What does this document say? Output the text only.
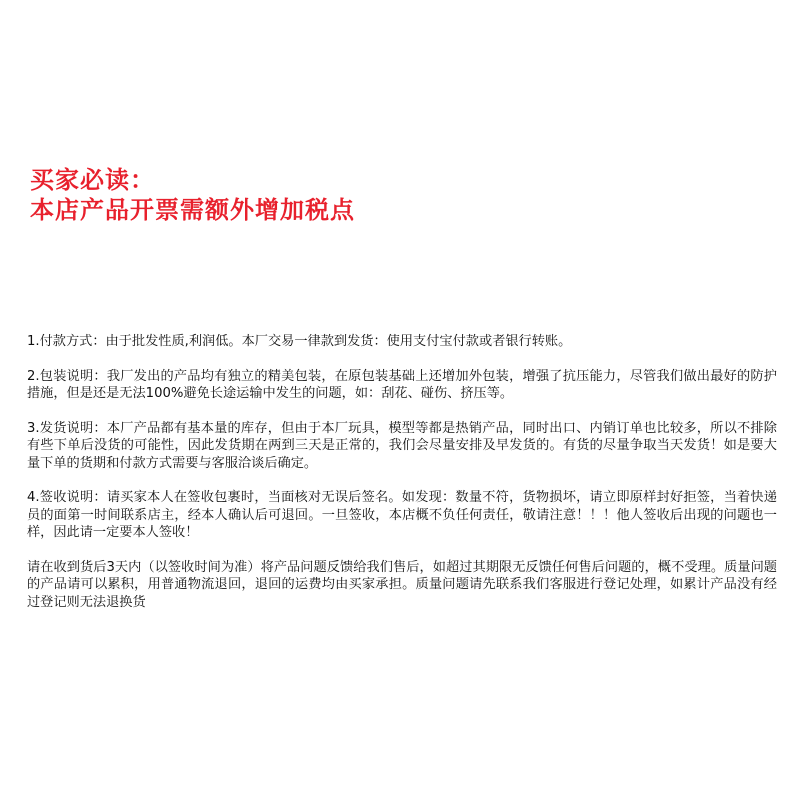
买家必读：
本店产品开票需额外增加税点

1.付款方式：由于批发性质,利润低。本厂交易一律款到发货：使用支付宝付款或者银行转账。

2.包装说明：我厂发出的产品均有独立的精美包装，在原包装基础上还增加外包装，增强了抗压能力，尽管我们做出最好的防护措施，但是还是无法100%避免长途运输中发生的问题，如：刮花、碰伤、挤压等。

3.发货说明：本厂产品都有基本量的库存，但由于本厂玩具，模型等都是热销产品，同时出口、内销订单也比较多，所以不排除有些下单后没货的可能性，因此发货期在两到三天是正常的，我们会尽量安排及早发货的。有货的尽量争取当天发货！如是要大量下单的货期和付款方式需要与客服洽谈后确定。

4.签收说明：请买家本人在签收包裹时，当面核对无误后签名。如发现：数量不符，货物损坏，请立即原样封好拒签，当着快递员的面第一时间联系店主，经本人确认后可退回。一旦签收，本店概不负任何责任，敬请注意！！！他人签收后出现的问题也一样，因此请一定要本人签收！

请在收到货后3天内（以签收时间为准）将产品问题反馈给我们售后，如超过其期限无反馈任何售后问题的，概不受理。质量问题的产品请可以累积，用普通物流退回，退回的运费均由买家承担。质量问题请先联系我们客服进行登记处理，如累计产品没有经过登记则无法退换货
